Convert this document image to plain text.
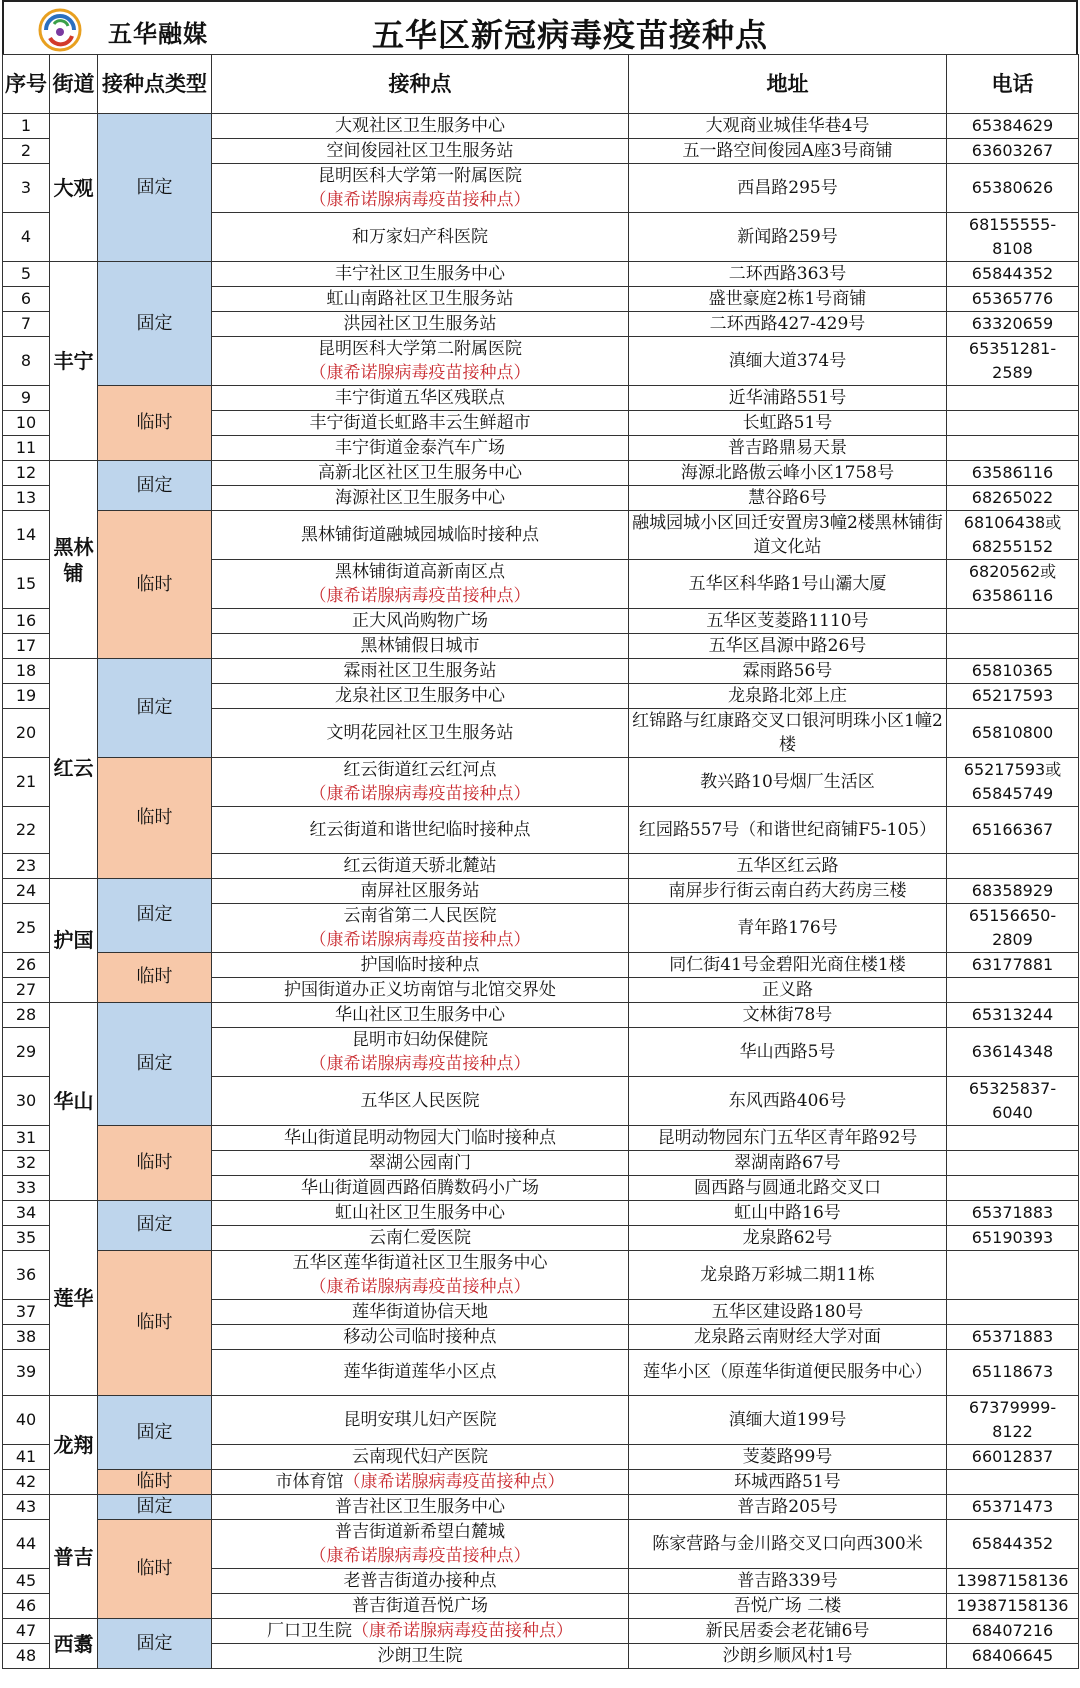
五华融媒	五华区新冠病毒疫苗接种点
序号	街道	接种点类型	接种点	地址	电话
1	大观	固定	大观社区卫生服务中心	大观商业城佳华巷4号	65384629
2			空间俊园社区卫生服务站	五一路空间俊园A座3号商铺	63603267
3			昆明医科大学第一附属医院
（康希诺腺病毒疫苗接种点）	西昌路295号	65380626
4			和万家妇产科医院	新闻路259号	68155555-8108
5	丰宁	固定	丰宁社区卫生服务中心	二环西路363号	65844352
6			虹山南路社区卫生服务站	盛世豪庭2栋1号商铺	65365776
7			洪园社区卫生服务站	二环西路427-429号	63320659
8			昆明医科大学第二附属医院
（康希诺腺病毒疫苗接种点）	滇缅大道374号	65351281-2589
9		临时	丰宁街道五华区残联点	近华浦路551号	
10			丰宁街道长虹路丰云生鲜超市	长虹路51号	
11			丰宁街道金泰汽车广场	普吉路鼎易天景	
12	黑林铺	固定	高新北区社区卫生服务中心	海源北路傲云峰小区1758号	63586116
13			海源社区卫生服务中心	慧谷路6号	68265022
14		临时	黑林铺街道融城园城临时接种点	融城园城小区回迁安置房3幢2楼黑林铺街道文化站	68106438或68255152
15			黑林铺街道高新南区点
（康希诺腺病毒疫苗接种点）	五华区科华路1号山灞大厦	6820562或63586116
16			正大风尚购物广场	五华区芰菱路1110号	
17			黑林铺假日城市	五华区昌源中路26号	
18	红云	固定	霖雨社区卫生服务站	霖雨路56号	65810365
19			龙泉社区卫生服务中心	龙泉路北郊上庄	65217593
20			文明花园社区卫生服务站	红锦路与红康路交叉口银河明珠小区1幢2楼	65810800
21		临时	红云街道红云红河点
（康希诺腺病毒疫苗接种点）	教兴路10号烟厂生活区	65217593或65845749
22			红云街道和谐世纪临时接种点	红园路557号（和谐世纪商铺F5-105）	65166367
23			红云街道天骄北麓站	五华区红云路	
24	护国	固定	南屏社区服务站	南屏步行街云南白药大药房三楼	68358929
25			云南省第二人民医院
（康希诺腺病毒疫苗接种点）	青年路176号	65156650-2809
26		临时	护国临时接种点	同仁街41号金碧阳光商住楼1楼	63177881
27			护国街道办正义坊南馆与北馆交界处	正义路	
28	华山	固定	华山社区卫生服务中心	文林街78号	65313244
29			昆明市妇幼保健院
（康希诺腺病毒疫苗接种点）	华山西路5号	63614348
30			五华区人民医院	东风西路406号	65325837-6040
31		临时	华山街道昆明动物园大门临时接种点	昆明动物园东门五华区青年路92号	
32			翠湖公园南门	翠湖南路67号	
33			华山街道圆西路佰腾数码小广场	圆西路与圆通北路交叉口	
34	莲华	固定	虹山社区卫生服务中心	虹山中路16号	65371883
35			云南仁爱医院	龙泉路62号	65190393
36		临时	五华区莲华街道社区卫生服务中心
（康希诺腺病毒疫苗接种点）	龙泉路万彩城二期11栋	
37			莲华街道协信天地	五华区建设路180号	
38			移动公司临时接种点	龙泉路云南财经大学对面	65371883
39			莲华街道莲华小区点	莲华小区（原莲华街道便民服务中心）	65118673
40	龙翔	固定	昆明安琪儿妇产医院	滇缅大道199号	67379999-8122
41			云南现代妇产医院	芰菱路99号	66012837
42		临时	市体育馆（康希诺腺病毒疫苗接种点）	环城西路51号	
43	普吉	固定	普吉社区卫生服务中心	普吉路205号	65371473
44		临时	普吉街道新希望白麓城
（康希诺腺病毒疫苗接种点）	陈家营路与金川路交叉口向西300米	65844352
45			老普吉街道办接种点	普吉路339号	13987158136
46			普吉街道吾悦广场	吾悦广场 二楼	19387158136
47	西翥	固定	厂口卫生院（康希诺腺病毒疫苗接种点）	新民居委会老花铺6号	68407216
48			沙朗卫生院	沙朗乡顺风村1号	68406645
